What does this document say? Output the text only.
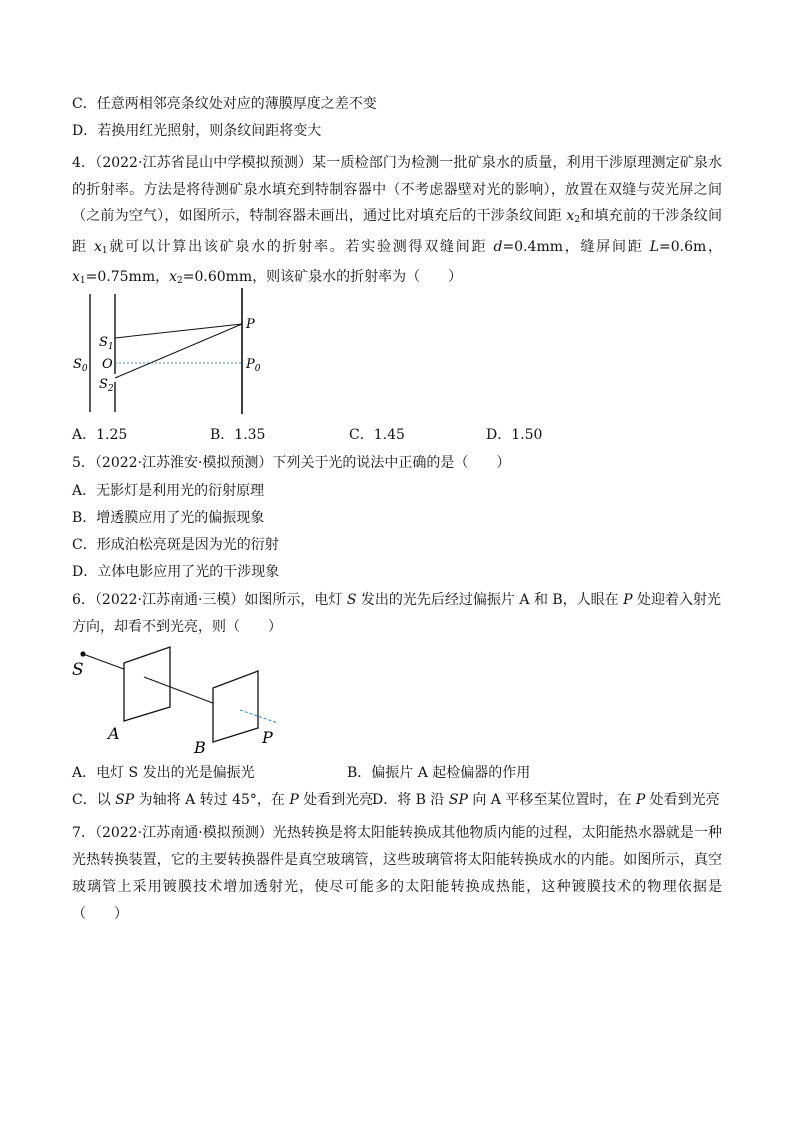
C．任意两相邻亮条纹处对应的薄膜厚度之差不变
D．若换用红光照射，则条纹间距将变大
4．（2022·江苏省昆山中学模拟预测）某一质检部门为检测一批矿泉水的质量，利用干涉原理测定矿泉水的折射率。方法是将待测矿泉水填充到特制容器中（不考虑器壁对光的影响），放置在双缝与荧光屏之间（之前为空气），如图所示，特制容器未画出，通过比对填充后的干涉条纹间距 $x_2$和填充前的干涉条纹间距 $x_1$就可以计算出该矿泉水的折射率。若实验测得双缝间距 d=0.4mm，缝屏间距 L=0.6m，$x_1=0.75mm$，$x_2=0.60mm$，则该矿泉水的折射率为（　　）
$S_0$
$S_1$
O
$S_2$
P
$P_0$
A．1.25	B．1.35	C．1.45	D．1.50
5．（2022·江苏淮安·模拟预测）下列关于光的说法中正确的是（　　）
A．无影灯是利用光的衍射原理
B．增透膜应用了光的偏振现象
C．形成泊松亮斑是因为光的衍射
D．立体电影应用了光的干涉现象
6．（2022·江苏南通·三模）如图所示，电灯 S 发出的光先后经过偏振片 A 和 B，人眼在 P 处迎着入射光方向，却看不到光亮，则（　　）
S
A
B
P
A．电灯 S 发出的光是偏振光	B．偏振片 A 起检偏器的作用
C．以 SP 为轴将 A 转过 45°，在 P 处看到光亮
D．将 B 沿 SP 向 A 平移至某位置时，在 P 处看到光亮
7．（2022·江苏南通·模拟预测）光热转换是将太阳能转换成其他物质内能的过程，太阳能热水器就是一种光热转换装置，它的主要转换器件是真空玻璃管，这些玻璃管将太阳能转换成水的内能。如图所示，真空玻璃管上采用镀膜技术增加透射光，使尽可能多的太阳能转换成热能，这种镀膜技术的物理依据是（　　）
